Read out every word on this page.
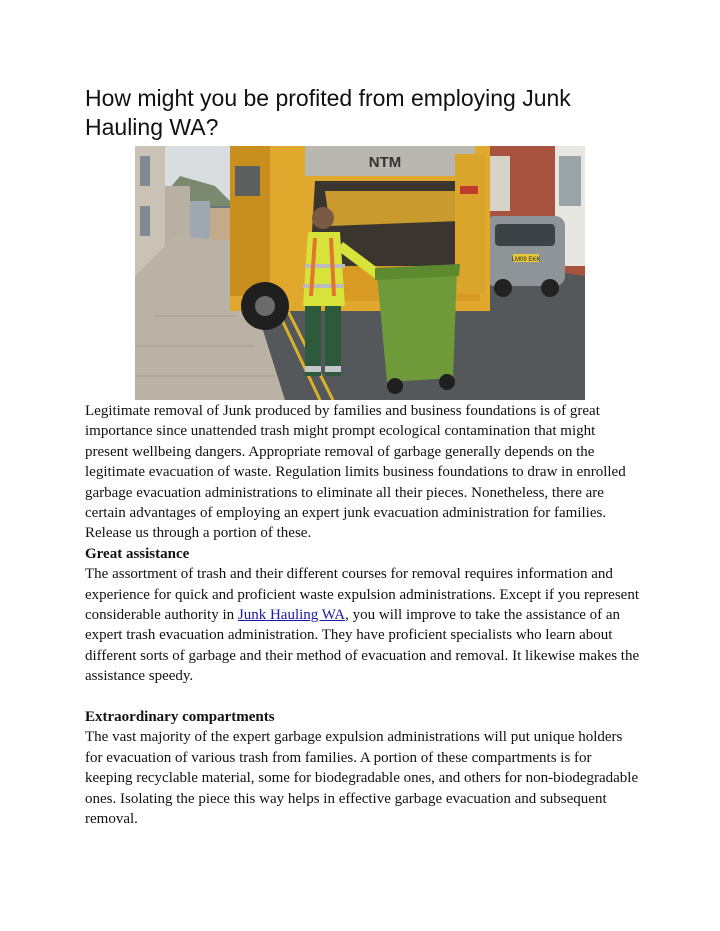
How might you be profited from employing Junk Hauling WA?
LM09 EKK
NTM

Legitimate removal of Junk produced by families and business foundations is of great importance since unattended trash might prompt ecological contamination that might present wellbeing dangers. Appropriate removal of garbage generally depends on the legitimate evacuation of waste. Regulation limits business foundations to draw in enrolled garbage evacuation administrations to eliminate all their pieces. Nonetheless, there are certain advantages of employing an expert junk evacuation administration for families. Release us through a portion of these.

Great assistance

The assortment of trash and their different courses for removal requires information and experience for quick and proficient waste expulsion administrations. Except if you represent considerable authority in Junk Hauling WA, you will improve to take the assistance of an expert trash evacuation administration. They have proficient specialists who learn about different sorts of garbage and their method of evacuation and removal. It likewise makes the assistance speedy.

Extraordinary compartments

The vast majority of the expert garbage expulsion administrations will put unique holders for evacuation of various trash from families. A portion of these compartments is for keeping recyclable material, some for biodegradable ones, and others for non-biodegradable ones. Isolating the piece this way helps in effective garbage evacuation and subsequent removal.
